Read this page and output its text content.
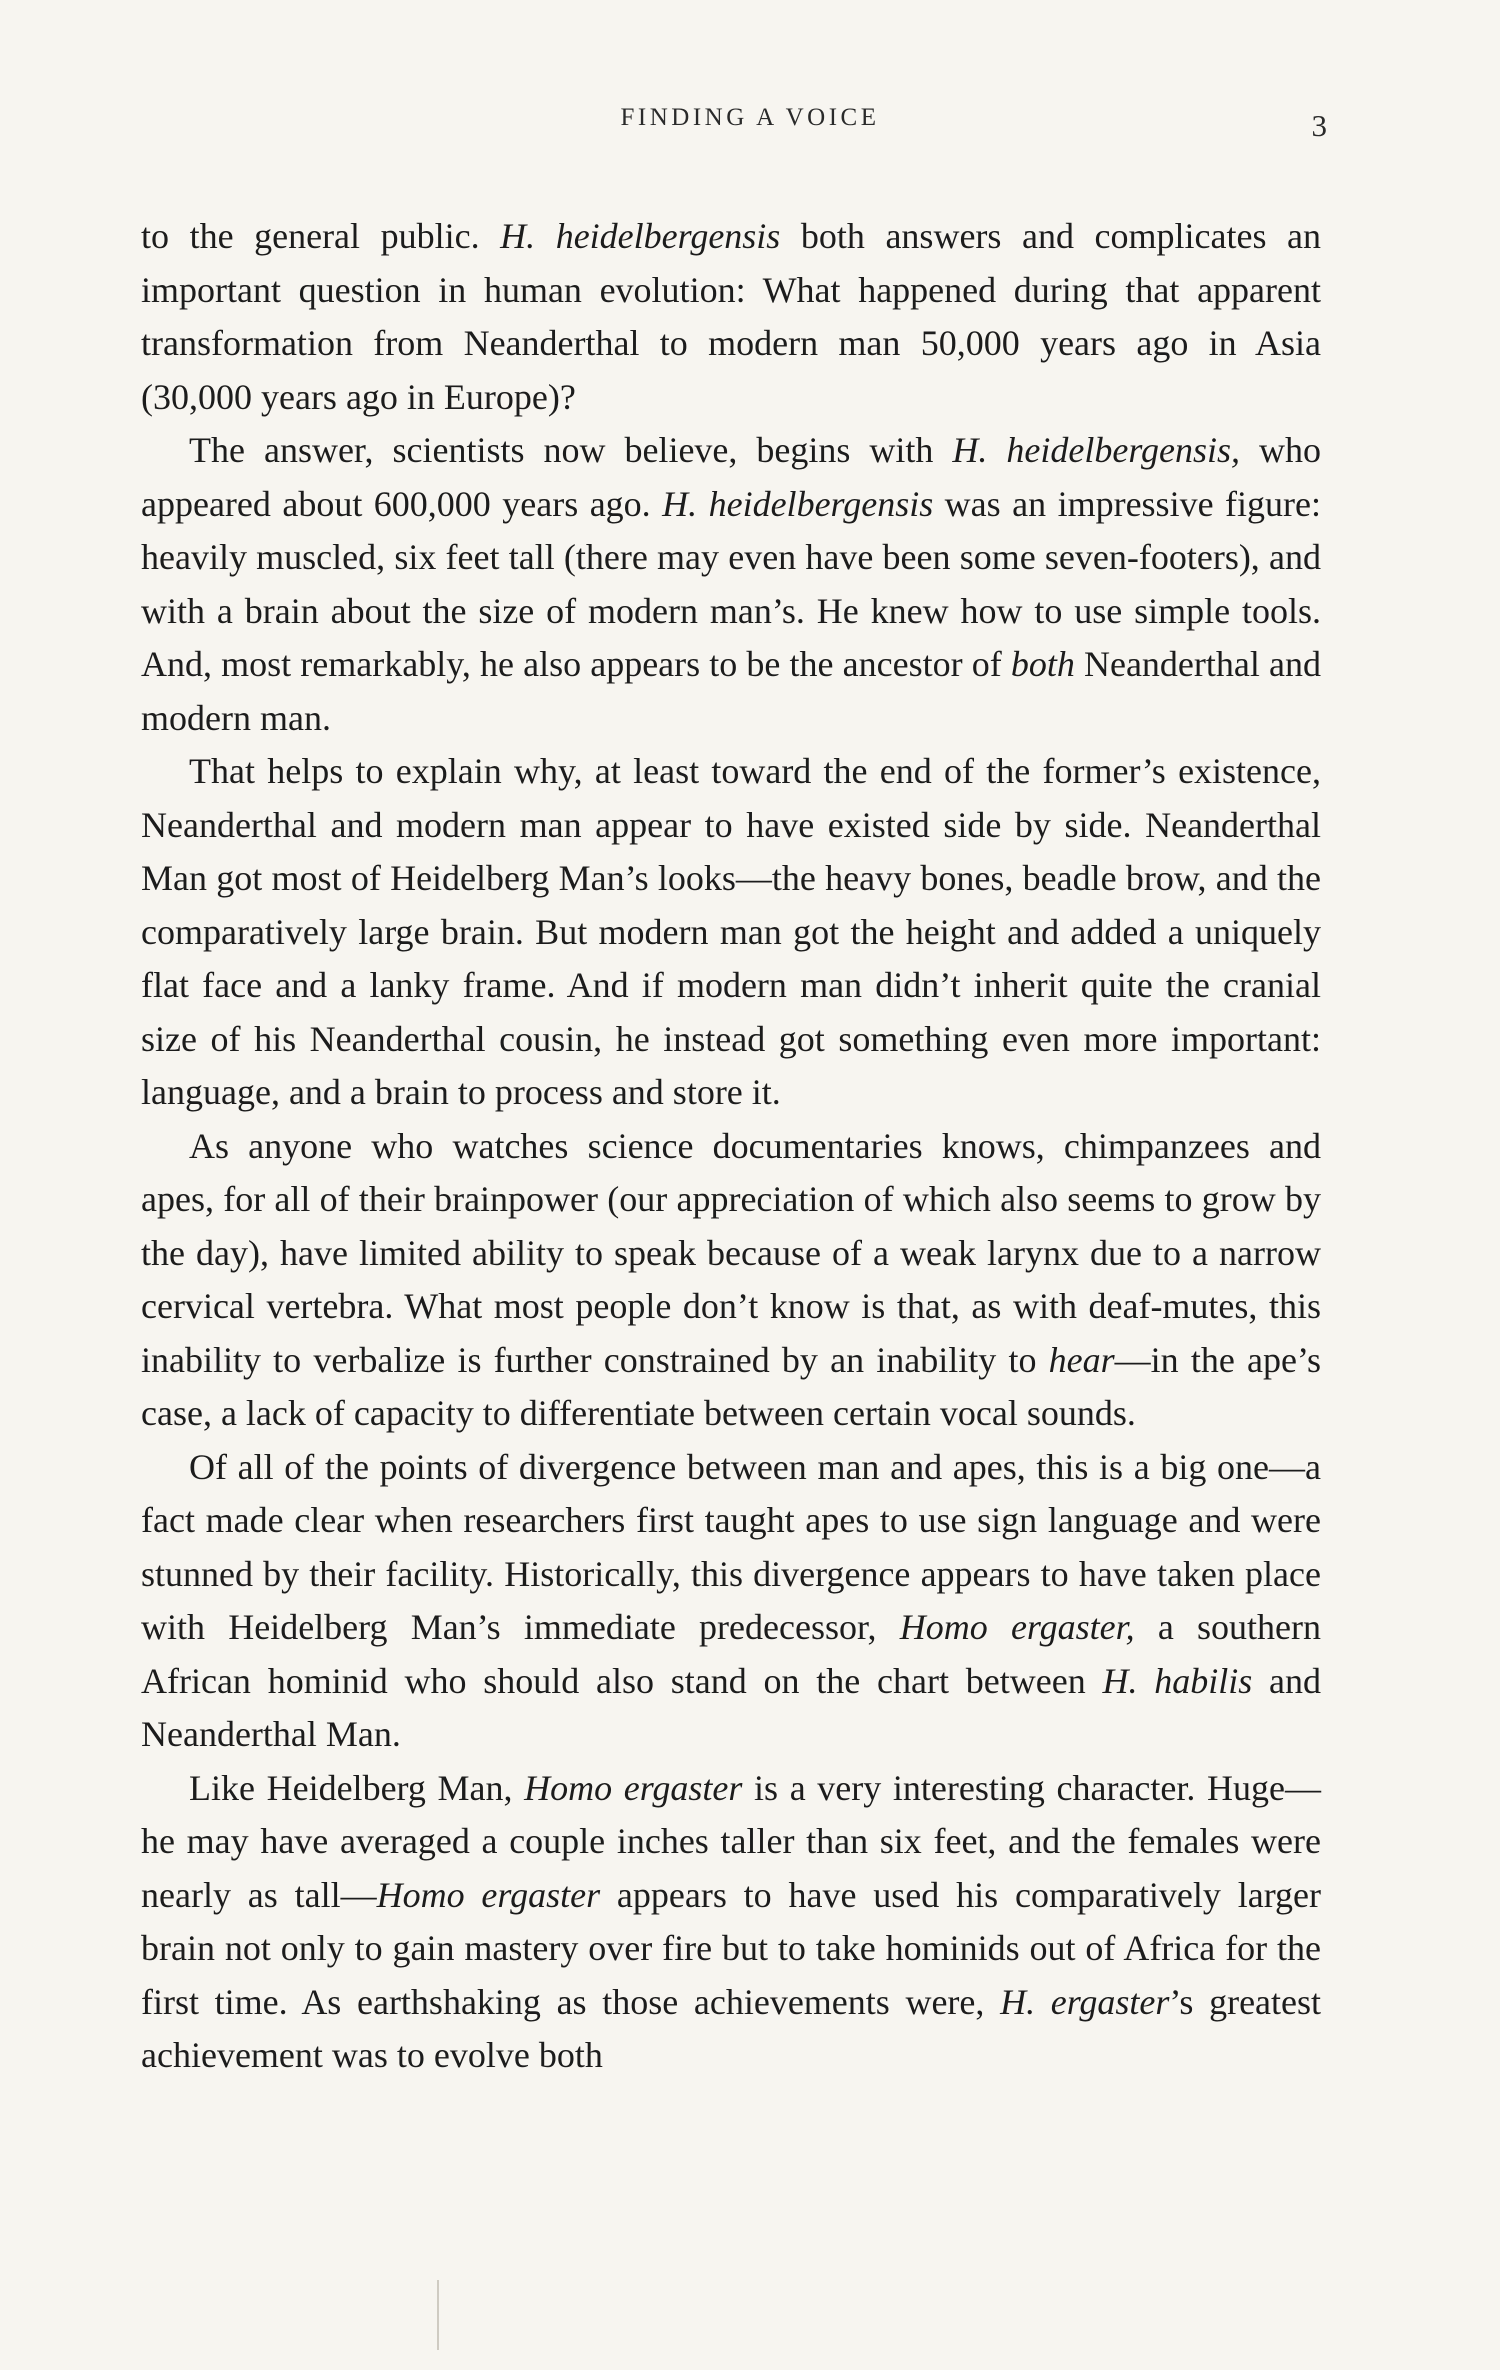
FINDING A VOICE	3

to the general public. H. heidelbergensis both answers and complicates an important question in human evolution: What happened during that apparent transformation from Neanderthal to modern man 50,000 years ago in Asia (30,000 years ago in Europe)?

The answer, scientists now believe, begins with H. heidelbergensis, who appeared about 600,000 years ago. H. heidelbergensis was an impressive figure: heavily muscled, six feet tall (there may even have been some seven-footers), and with a brain about the size of modern man’s. He knew how to use simple tools. And, most remarkably, he also appears to be the ancestor of both Neanderthal and modern man.

That helps to explain why, at least toward the end of the former’s existence, Neanderthal and modern man appear to have existed side by side. Neanderthal Man got most of Heidelberg Man’s looks—the heavy bones, beadle brow, and the comparatively large brain. But modern man got the height and added a uniquely flat face and a lanky frame. And if modern man didn’t inherit quite the cranial size of his Neanderthal cousin, he instead got something even more important: language, and a brain to process and store it.

As anyone who watches science documentaries knows, chimpanzees and apes, for all of their brainpower (our appreciation of which also seems to grow by the day), have limited ability to speak because of a weak larynx due to a narrow cervical vertebra. What most people don’t know is that, as with deaf-mutes, this inability to verbalize is further constrained by an inability to hear—in the ape’s case, a lack of capacity to differentiate between certain vocal sounds.

Of all of the points of divergence between man and apes, this is a big one—a fact made clear when researchers first taught apes to use sign language and were stunned by their facility. Historically, this divergence appears to have taken place with Heidelberg Man’s immediate predecessor, Homo ergaster, a southern African hominid who should also stand on the chart between H. habilis and Neanderthal Man.

Like Heidelberg Man, Homo ergaster is a very interesting character. Huge—he may have averaged a couple inches taller than six feet, and the females were nearly as tall—Homo ergaster appears to have used his comparatively larger brain not only to gain mastery over fire but to take hominids out of Africa for the first time. As earthshaking as those achievements were, H. ergaster’s greatest achievement was to evolve both
